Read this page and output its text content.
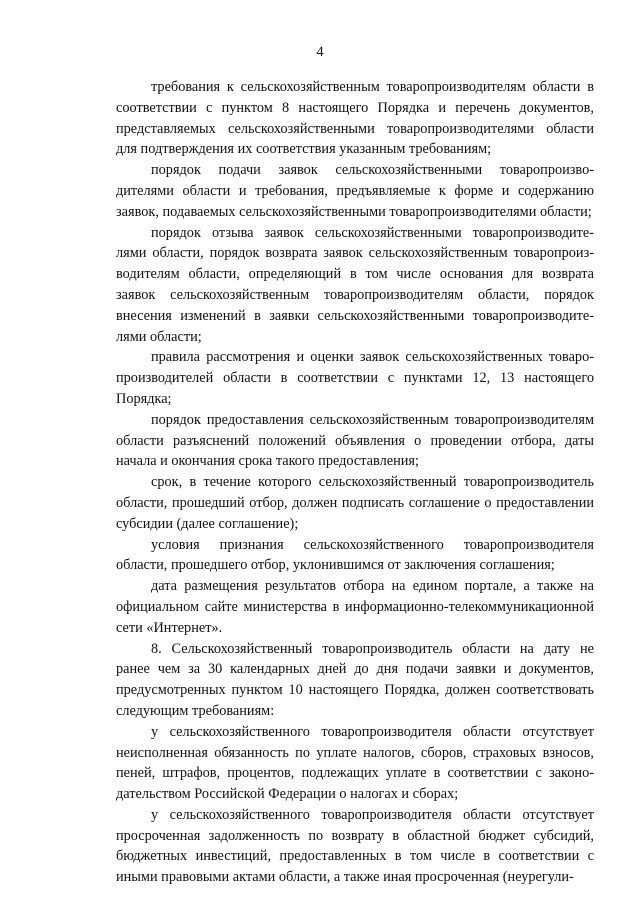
4
требования к сельскохозяйственным товаропроизводителям области в
соответствии с пунктом 8 настоящего Порядка и перечень документов,
представляемых сельскохозяйственными товаропроизводителями области
для подтверждения их соответствия указанным требованиям;
порядок подачи заявок сельскохозяйственными товаропроизво-
дителями области и требования, предъявляемые к форме и содержанию
заявок, подаваемых сельскохозяйственными товаропроизводителями области;
порядок отзыва заявок сельскохозяйственными товаропроизводите-
лями области, порядок возврата заявок сельскохозяйственным товаропроиз-
водителям области, определяющий в том числе основания для возврата
заявок сельскохозяйственным товаропроизводителям области, порядок
внесения изменений в заявки сельскохозяйственными товаропроизводите-
лями области;
правила рассмотрения и оценки заявок сельскохозяйственных товаро-
производителей области в соответствии с пунктами 12, 13 настоящего
Порядка;
порядок предоставления сельскохозяйственным товаропроизводителям
области разъяснений положений объявления о проведении отбора, даты
начала и окончания срока такого предоставления;
срок, в течение которого сельскохозяйственный товаропроизводитель
области, прошедший отбор, должен подписать соглашение о предоставлении
субсидии (далее соглашение);
условия признания сельскохозяйственного товаропроизводителя
области, прошедшего отбор, уклонившимся от заключения соглашения;
дата размещения результатов отбора на едином портале, а также на
официальном сайте министерства в информационно-телекоммуникационной
сети «Интернет».
8. Сельскохозяйственный товаропроизводитель области на дату не
ранее чем за 30 календарных дней до дня подачи заявки и документов,
предусмотренных пунктом 10 настоящего Порядка, должен соответствовать
следующим требованиям:
у сельскохозяйственного товаропроизводителя области отсутствует
неисполненная обязанность по уплате налогов, сборов, страховых взносов,
пеней, штрафов, процентов, подлежащих уплате в соответствии с законо-
дательством Российской Федерации о налогах и сборах;
у сельскохозяйственного товаропроизводителя области отсутствует
просроченная задолженность по возврату в областной бюджет субсидий,
бюджетных инвестиций, предоставленных в том числе в соответствии с
иными правовыми актами области, а также иная просроченная (неурегули-
